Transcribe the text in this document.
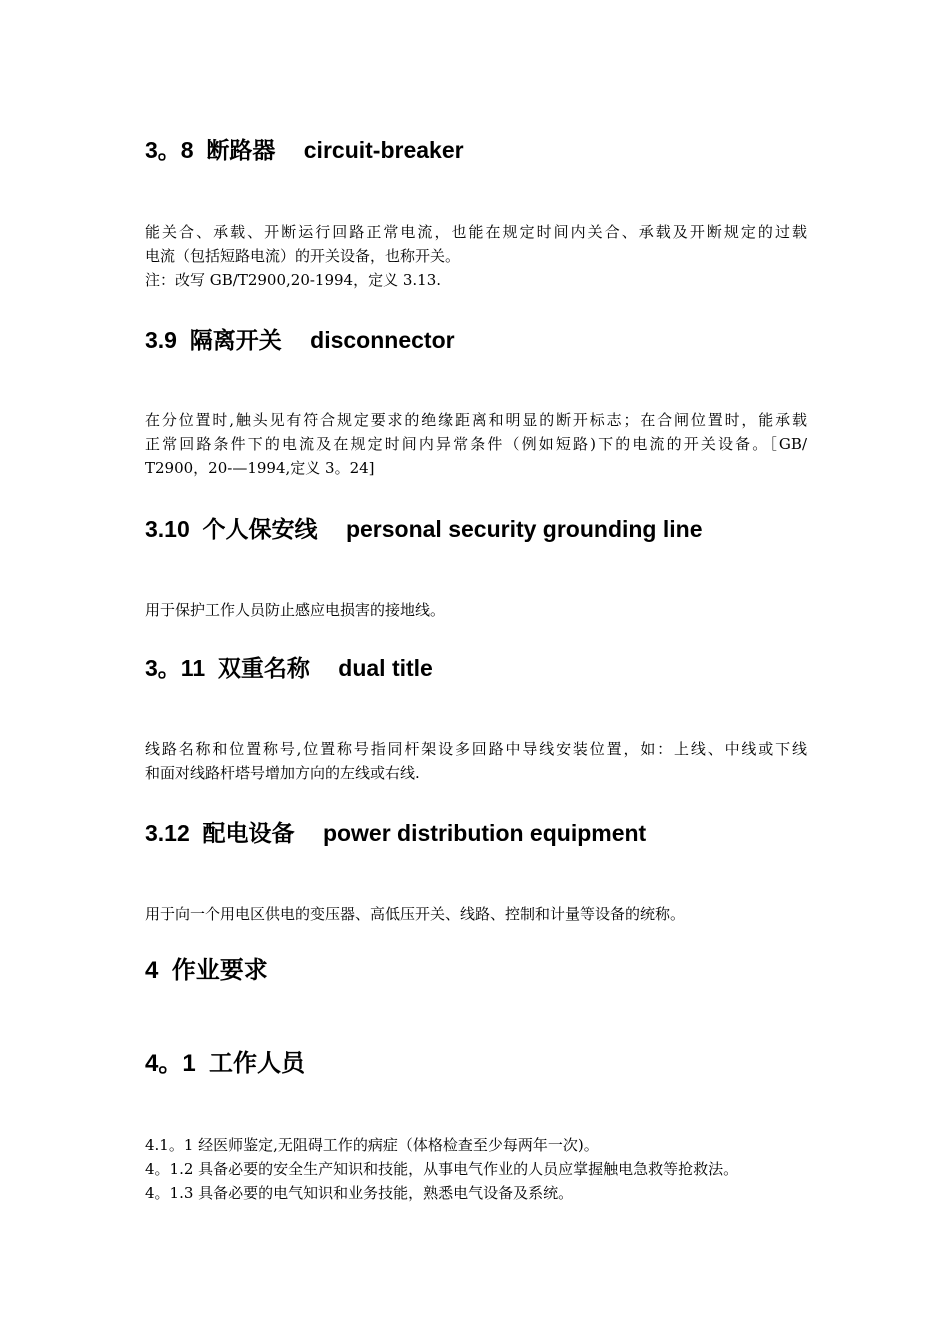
3。8 断路器 circuit-breaker
能关合、承载、开断运行回路正常电流，也能在规定时间内关合、承载及开断规定的过载
电流（包括短路电流）的开关设备，也称开关。
注：改写 GB/T2900,20-1994，定义 3.13.
3.9 隔离开关 disconnector
在分位置时,触头见有符合规定要求的绝缘距离和明显的断开标志；在合闸位置时，能承载
正常回路条件下的电流及在规定时间内异常条件（例如短路)下的电流的开关设备。［GB/
T2900，20-—1994,定义 3。24]
3.10 个人保安线 personal security grounding line
用于保护工作人员防止感应电损害的接地线。
3。11 双重名称 dual title
线路名称和位置称号,位置称号指同杆架设多回路中导线安装位置，如：上线、中线或下线
和面对线路杆塔号增加方向的左线或右线.
3.12 配电设备 power distribution equipment
用于向一个用电区供电的变压器、高低压开关、线路、控制和计量等设备的统称。
4 作业要求
4。1 工作人员
4.1。1 经医师鉴定,无阻碍工作的病症（体格检查至少每两年一次)。
4。1.2 具备必要的安全生产知识和技能，从事电气作业的人员应掌握触电急救等抢救法。
4。1.3 具备必要的电气知识和业务技能，熟悉电气设备及系统。
